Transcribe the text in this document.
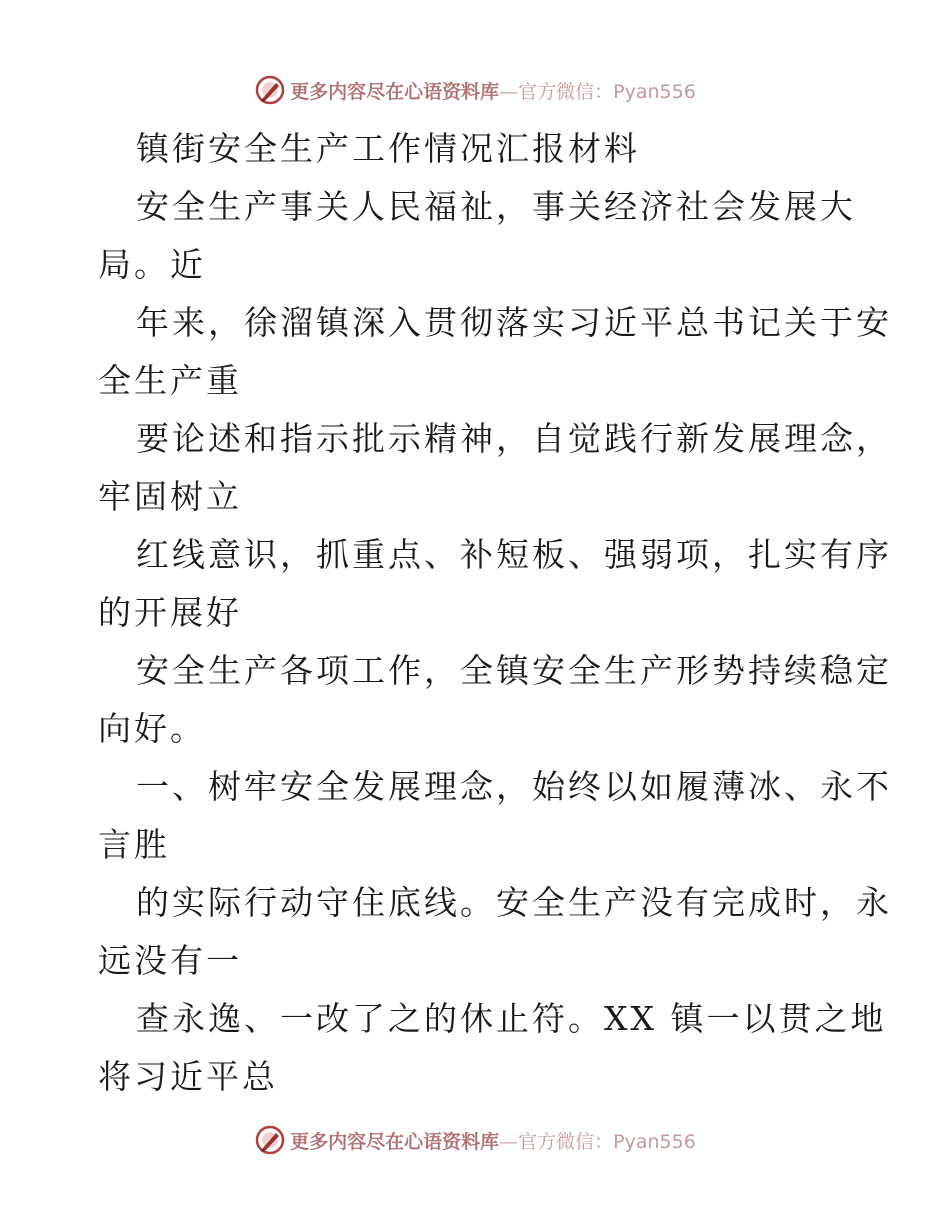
更多内容尽在心语资料库—官方微信：Pyan556
镇街安全生产工作情况汇报材料
安全生产事关人民福祉，事关经济社会发展大
局。近
年来，徐溜镇深入贯彻落实习近平总书记关于安
全生产重
要论述和指示批示精神，自觉践行新发展理念，
牢固树立
红线意识，抓重点、补短板、强弱项，扎实有序
的开展好
安全生产各项工作，全镇安全生产形势持续稳定
向好。
一、树牢安全发展理念，始终以如履薄冰、永不
言胜
的实际行动守住底线。安全生产没有完成时，永
远没有一
查永逸、一改了之的休止符。XX 镇一以贯之地
将习近平总
更多内容尽在心语资料库—官方微信：Pyan556
